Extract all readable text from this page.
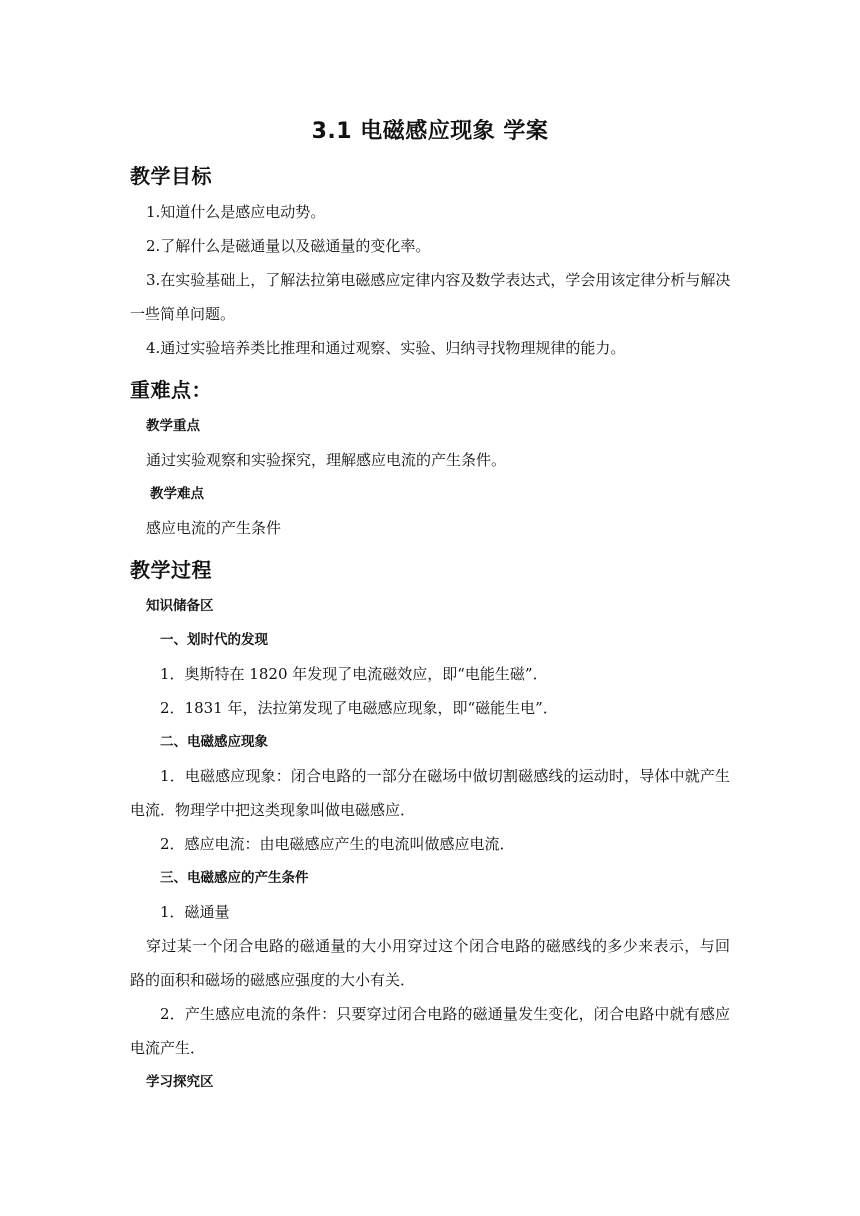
3.1 电磁感应现象 学案
教学目标

1.知道什么是感应电动势。

2.了解什么是磁通量以及磁通量的变化率。

3.在实验基础上，了解法拉第电磁感应定律内容及数学表达式，学会用该定律分析与解决

一些简单问题。

4.通过实验培养类比推理和通过观察、实验、归纳寻找物理规律的能力。

重难点：

教学重点

通过实验观察和实验探究，理解感应电流的产生条件。

教学难点

感应电流的产生条件

教学过程

知识储备区

一、划时代的发现

1．奥斯特在 1820 年发现了电流磁效应，即“电能生磁”．

2．1831 年，法拉第发现了电磁感应现象，即“磁能生电”．

二、电磁感应现象

1．电磁感应现象：闭合电路的一部分在磁场中做切割磁感线的运动时，导体中就产生

电流．物理学中把这类现象叫做电磁感应．

2．感应电流：由电磁感应产生的电流叫做感应电流．

三、电磁感应的产生条件

1．磁通量

穿过某一个闭合电路的磁通量的大小用穿过这个闭合电路的磁感线的多少来表示，与回

路的面积和磁场的磁感应强度的大小有关．

2．产生感应电流的条件：只要穿过闭合电路的磁通量发生变化，闭合电路中就有感应

电流产生．

学习探究区
